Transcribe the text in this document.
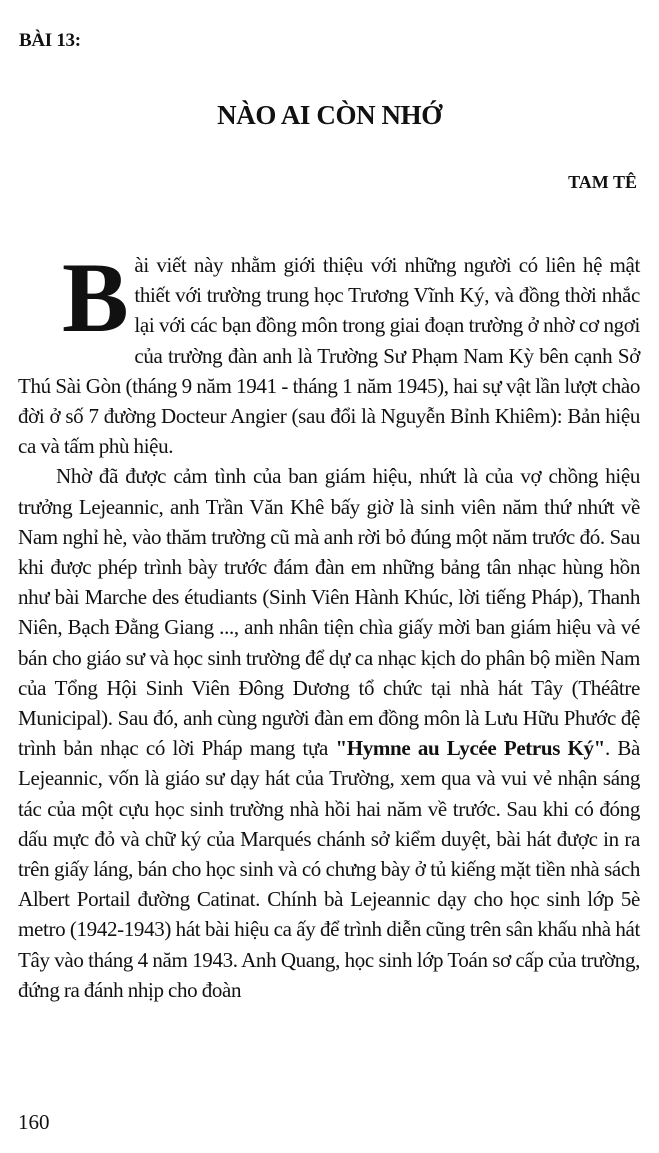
BÀI 13:
NÀO AI CÒN NHỚ
TAM TÊ

Bài viết này nhằm giới thiệu với những người có liên hệ mật thiết với trường trung học Trương Vĩnh Ký, và đồng thời nhắc lại với các bạn đồng môn trong giai đoạn trường ở nhờ cơ ngơi của trường đàn anh là Trường Sư Phạm Nam Kỳ bên cạnh Sở Thú Sài Gòn (tháng 9 năm 1941 - tháng 1 năm 1945), hai sự vật lần lượt chào đời ở số 7 đường Docteur Angier (sau đổi là Nguyễn Bỉnh Khiêm): Bản hiệu ca và tấm phù hiệu.

Nhờ đã được cảm tình của ban giám hiệu, nhứt là của vợ chồng hiệu trưởng Lejeannic, anh Trần Văn Khê bấy giờ là sinh viên năm thứ nhứt về Nam nghỉ hè, vào thăm trường cũ mà anh rời bỏ đúng một năm trước đó. Sau khi được phép trình bày trước đám đàn em những bảng tân nhạc hùng hồn như bài Marche des étudiants (Sinh Viên Hành Khúc, lời tiếng Pháp), Thanh Niên, Bạch Đằng Giang ..., anh nhân tiện chìa giấy mời ban giám hiệu và vé bán cho giáo sư và học sinh trường để dự ca nhạc kịch do phân bộ miền Nam của Tổng Hội Sinh Viên Đông Dương tổ chức tại nhà hát Tây (Théâtre Municipal). Sau đó, anh cùng người đàn em đồng môn là Lưu Hữu Phước đệ trình bản nhạc có lời Pháp mang tựa "Hymne au Lycée Petrus Ký". Bà Lejeannic, vốn là giáo sư dạy hát của Trường, xem qua và vui vẻ nhận sáng tác của một cựu học sinh trường nhà hồi hai năm về trước. Sau khi có đóng dấu mực đỏ và chữ ký của Marqués chánh sở kiểm duyệt, bài hát được in ra trên giấy láng, bán cho học sinh và có chưng bày ở tủ kiếng mặt tiền nhà sách Albert Portail đường Catinat. Chính bà Lejeannic dạy cho học sinh lớp 5è metro (1942-1943) hát bài hiệu ca ấy để trình diễn cũng trên sân khấu nhà hát Tây vào tháng 4 năm 1943. Anh Quang, học sinh lớp Toán sơ cấp của trường, đứng ra đánh nhịp cho đoàn

160
